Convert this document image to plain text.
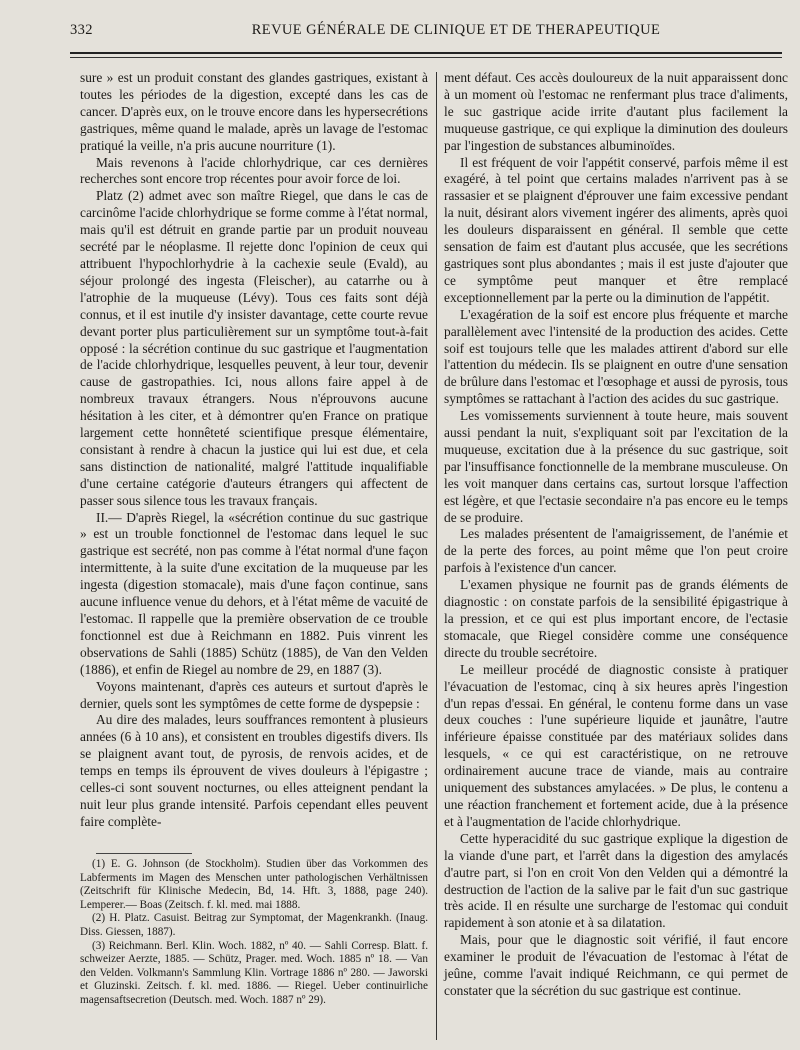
332	REVUE GÉNÉRALE DE CLINIQUE ET DE THERAPEUTIQUE

sure » est un produit constant des glandes gastriques, existant à toutes les périodes de la digestion, excepté dans les cas de cancer. D'après eux, on le trouve encore dans les hypersecrétions gastriques, même quand le malade, après un lavage de l'estomac pratiqué la veille, n'a pris aucune nourriture (1).

Mais revenons à l'acide chlorhydrique, car ces dernières recherches sont encore trop récentes pour avoir force de loi.

Platz (2) admet avec son maître Riegel, que dans le cas de carcinôme l'acide chlorhydrique se forme comme à l'état normal, mais qu'il est détruit en grande partie par un produit nouveau secrété par le néoplasme. Il rejette donc l'opinion de ceux qui attribuent l'hypochlorhydrie à la cachexie seule (Evald), au séjour prolongé des ingesta (Fleischer), au catarrhe ou à l'atrophie de la muqueuse (Lévy). Tous ces faits sont déjà connus, et il est inutile d'y insister davantage, cette courte revue devant porter plus particulièrement sur un symptôme tout-à-fait opposé : la sécrétion continue du suc gastrique et l'augmentation de l'acide chlorhydrique, lesquelles peuvent, à leur tour, devenir cause de gastropathies. Ici, nous allons faire appel à de nombreux travaux étrangers. Nous n'éprouvons aucune hésitation à les citer, et à démontrer qu'en France on pratique largement cette honnêteté scientifique presque élémentaire, consistant à rendre à chacun la justice qui lui est due, et cela sans distinction de nationalité, malgré l'attitude inqualifiable d'une certaine catégorie d'auteurs étrangers qui affectent de passer sous silence tous les travaux français.

II.— D'après Riegel, la «sécrétion continue du suc gastrique » est un trouble fonctionnel de l'estomac dans lequel le suc gastrique est secrété, non pas comme à l'état normal d'une façon intermittente, à la suite d'une excitation de la muqueuse par les ingesta (digestion stomacale), mais d'une façon continue, sans aucune influence venue du dehors, et à l'état même de vacuité de l'estomac. Il rappelle que la première observation de ce trouble fonctionnel est due à Reichmann en 1882. Puis vinrent les observations de Sahli (1885) Schütz (1885), de Van den Velden (1886), et enfin de Riegel au nombre de 29, en 1887 (3).

Voyons maintenant, d'après ces auteurs et surtout d'après le dernier, quels sont les symptômes de cette forme de dyspepsie :

Au dire des malades, leurs souffrances remontent à plusieurs années (6 à 10 ans), et consistent en troubles digestifs divers. Ils se plaignent avant tout, de pyrosis, de renvois acides, et de temps en temps ils éprouvent de vives douleurs à l'épigastre ; celles-ci sont souvent nocturnes, ou elles atteignent pendant la nuit leur plus grande intensité. Parfois cependant elles peuvent faire complète-

ment défaut. Ces accès douloureux de la nuit apparaissent donc à un moment où l'estomac ne renfermant plus trace d'aliments, le suc gastrique acide irrite d'autant plus facilement la muqueuse gastrique, ce qui explique la diminution des douleurs par l'ingestion de substances albuminoïdes.

Il est fréquent de voir l'appétit conservé, parfois même il est exagéré, à tel point que certains malades n'arrivent pas à se rassasier et se plaignent d'éprouver une faim excessive pendant la nuit, désirant alors vivement ingérer des aliments, après quoi les douleurs disparaissent en général. Il semble que cette sensation de faim est d'autant plus accusée, que les secrétions gastriques sont plus abondantes ; mais il est juste d'ajouter que ce symptôme peut manquer et être remplacé exceptionnellement par la perte ou la diminution de l'appétit.

L'exagération de la soif est encore plus fréquente et marche parallèlement avec l'intensité de la production des acides. Cette soif est toujours telle que les malades attirent d'abord sur elle l'attention du médecin. Ils se plaignent en outre d'une sensation de brûlure dans l'estomac et l'œsophage et aussi de pyrosis, tous symptômes se rattachant à l'action des acides du suc gastrique.

Les vomissements surviennent à toute heure, mais souvent aussi pendant la nuit, s'expliquant soit par l'excitation de la muqueuse, excitation due à la présence du suc gastrique, soit par l'insuffisance fonctionnelle de la membrane musculeuse. On les voit manquer dans certains cas, surtout lorsque l'affection est légère, et que l'ectasie secondaire n'a pas encore eu le temps de se produire.

Les malades présentent de l'amaigrissement, de l'anémie et de la perte des forces, au point même que l'on peut croire parfois à l'existence d'un cancer.

L'examen physique ne fournit pas de grands éléments de diagnostic : on constate parfois de la sensibilité épigastrique à la pression, et ce qui est plus important encore, de l'ectasie stomacale, que Riegel considère comme une conséquence directe du trouble secrétoire.

Le meilleur procédé de diagnostic consiste à pratiquer l'évacuation de l'estomac, cinq à six heures après l'ingestion d'un repas d'essai. En général, le contenu forme dans un vase deux couches : l'une supérieure liquide et jaunâtre, l'autre inférieure épaisse constituée par des matériaux solides dans lesquels, « ce qui est caractéristique, on ne retrouve ordinairement aucune trace de viande, mais au contraire uniquement des substances amylacées. » De plus, le contenu a une réaction franchement et fortement acide, due à la présence et à l'augmentation de l'acide chlorhydrique.

Cette hyperacidité du suc gastrique explique la digestion de la viande d'une part, et l'arrêt dans la digestion des amylacés d'autre part, si l'on en croit Von den Velden qui a démontré la destruction de l'action de la salive par le fait d'un suc gastrique très acide. Il en résulte une surcharge de l'estomac qui conduit rapidement à son atonie et à sa dilatation.

Mais, pour que le diagnostic soit vérifié, il faut encore examiner le produit de l'évacuation de l'estomac à l'état de jeûne, comme l'avait indiqué Reichmann, ce qui permet de constater que la sécrétion du suc gastrique est continue.

(1) E. G. Johnson (de Stockholm). Studien über das Vorkommen des Labferments im Magen des Menschen unter pathologischen Verhältnissen (Zeitschrift für Klinische Medecin, Bd, 14. Hft. 3, 1888, page 240). Lemperer.— Boas (Zeitsch. f. kl. med. mai 1888.

(2) H. Platz. Casuist. Beitrag zur Symptomat, der Magenkrankh. (Inaug. Diss. Giessen, 1887).

(3) Reichmann. Berl. Klin. Woch. 1882, nº 40. — Sahli Corresp. Blatt. f. schweizer Aerzte, 1885. — Schütz, Prager. med. Woch. 1885 nº 18. — Van den Velden. Volkmann's Sammlung Klin. Vortrage 1886 nº 280. — Jaworski et Gluzinski. Zeitsch. f. kl. med. 1886. — Riegel. Ueber continuirliche magensaftsecretion (Deutsch. med. Woch. 1887 nº 29).
